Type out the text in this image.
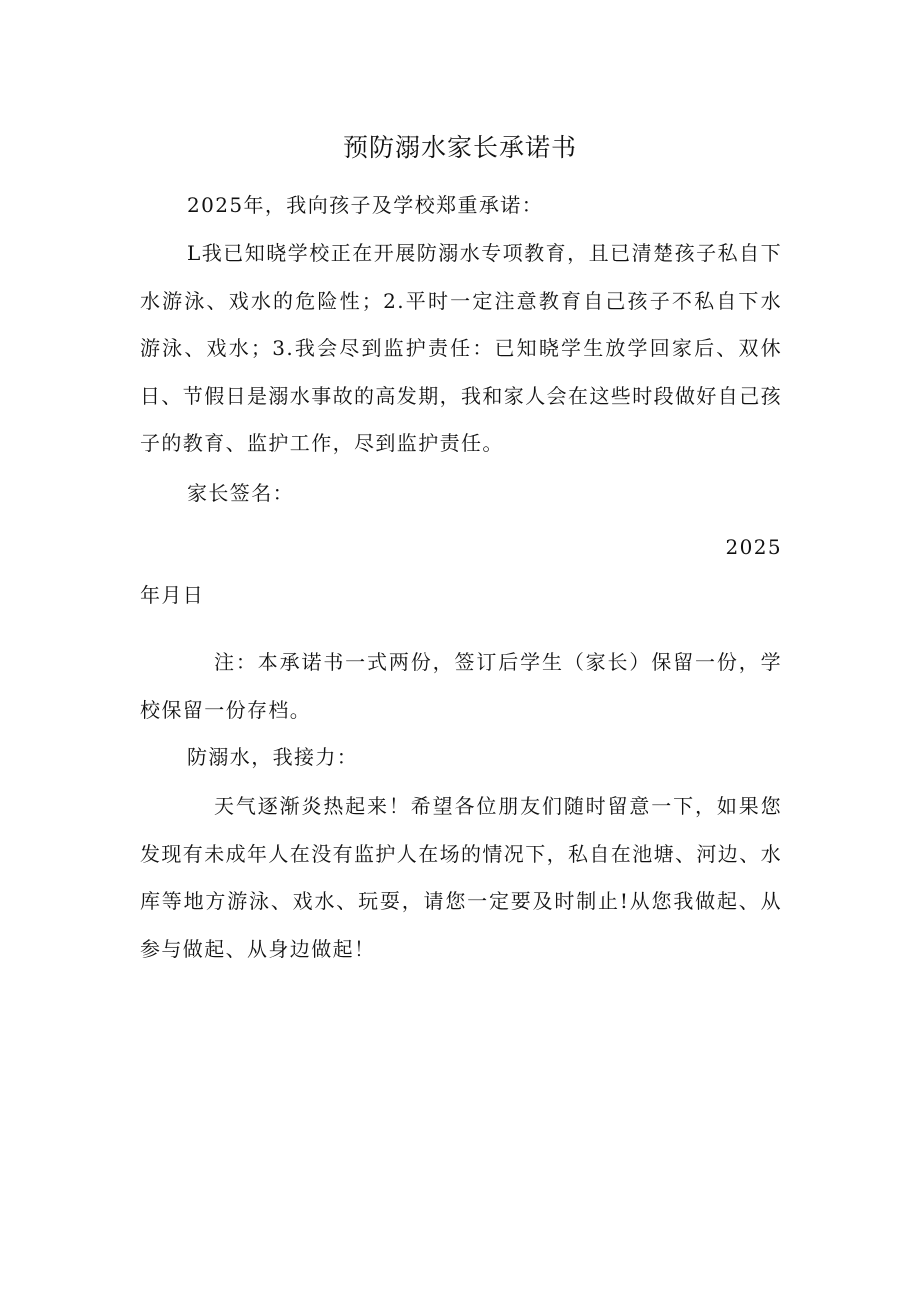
预防溺水家长承诺书

2025年，我向孩子及学校郑重承诺：

L我已知晓学校正在开展防溺水专项教育，且已清楚孩子私自下水游泳、戏水的危险性；2.平时一定注意教育自己孩子不私自下水游泳、戏水；3.我会尽到监护责任：已知晓学生放学回家后、双休日、节假日是溺水事故的高发期，我和家人会在这些时段做好自己孩子的教育、监护工作，尽到监护责任。

家长签名：

2025

年月日

注：本承诺书一式两份，签订后学生（家长）保留一份，学校保留一份存档。

防溺水，我接力：

天气逐渐炎热起来！希望各位朋友们随时留意一下，如果您发现有未成年人在没有监护人在场的情况下，私自在池塘、河边、水库等地方游泳、戏水、玩耍，请您一定要及时制止!从您我做起、从参与做起、从身边做起！
